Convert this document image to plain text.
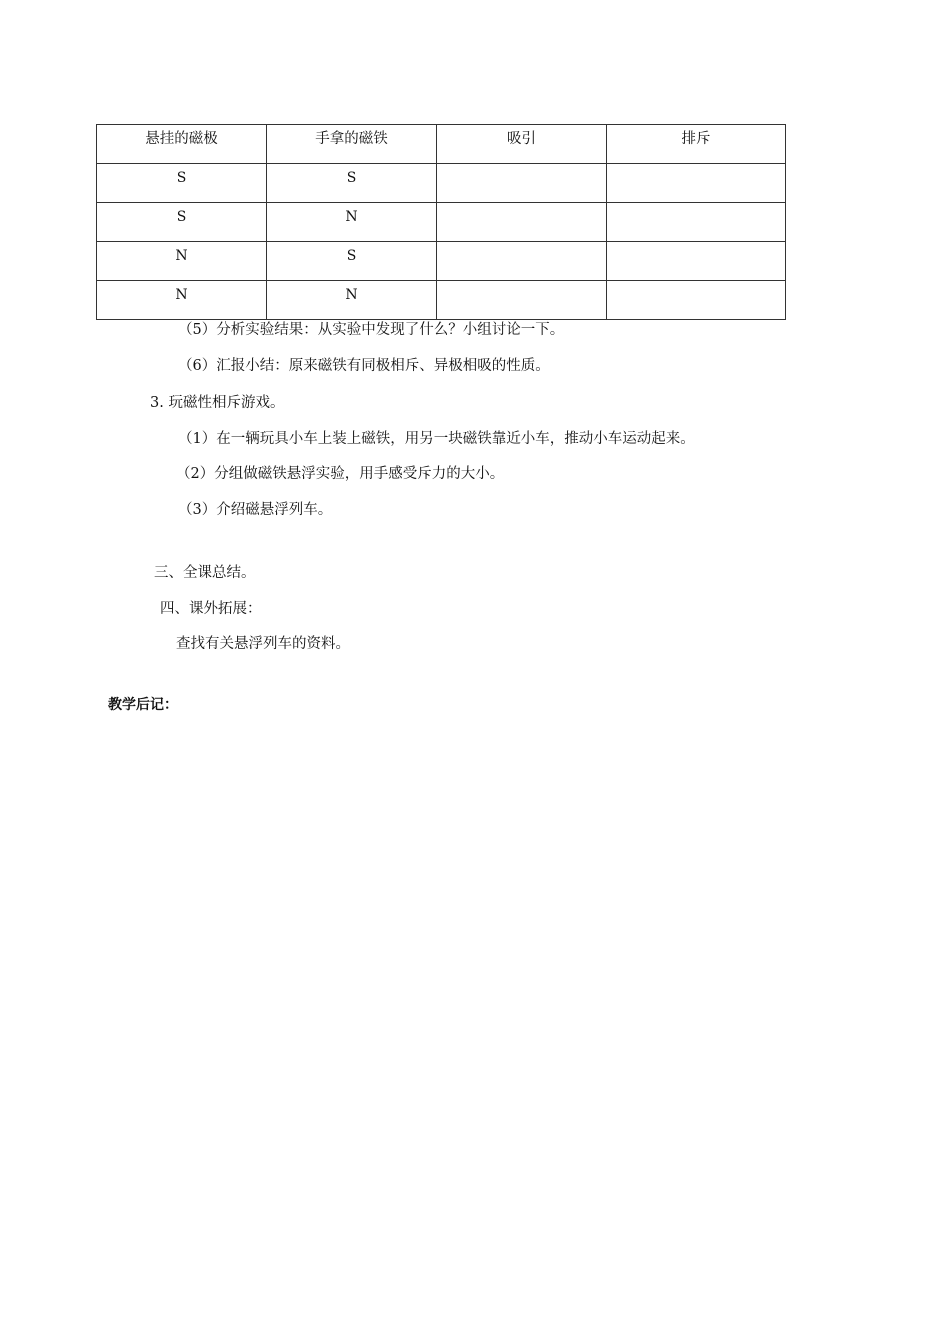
悬挂的磁极	手拿的磁铁	吸引	排斥
S	S		
S	N		
N	S		
N	N		
（5）分析实验结果：从实验中发现了什么？小组讨论一下。
（6）汇报小结：原来磁铁有同极相斥、异极相吸的性质。
3. 玩磁性相斥游戏。
（1）在一辆玩具小车上装上磁铁，用另一块磁铁靠近小车，推动小车运动起来。
（2）分组做磁铁悬浮实验，用手感受斥力的大小。
（3）介绍磁悬浮列车。
三、全课总结。
四、课外拓展：
查找有关悬浮列车的资料。
教学后记：
